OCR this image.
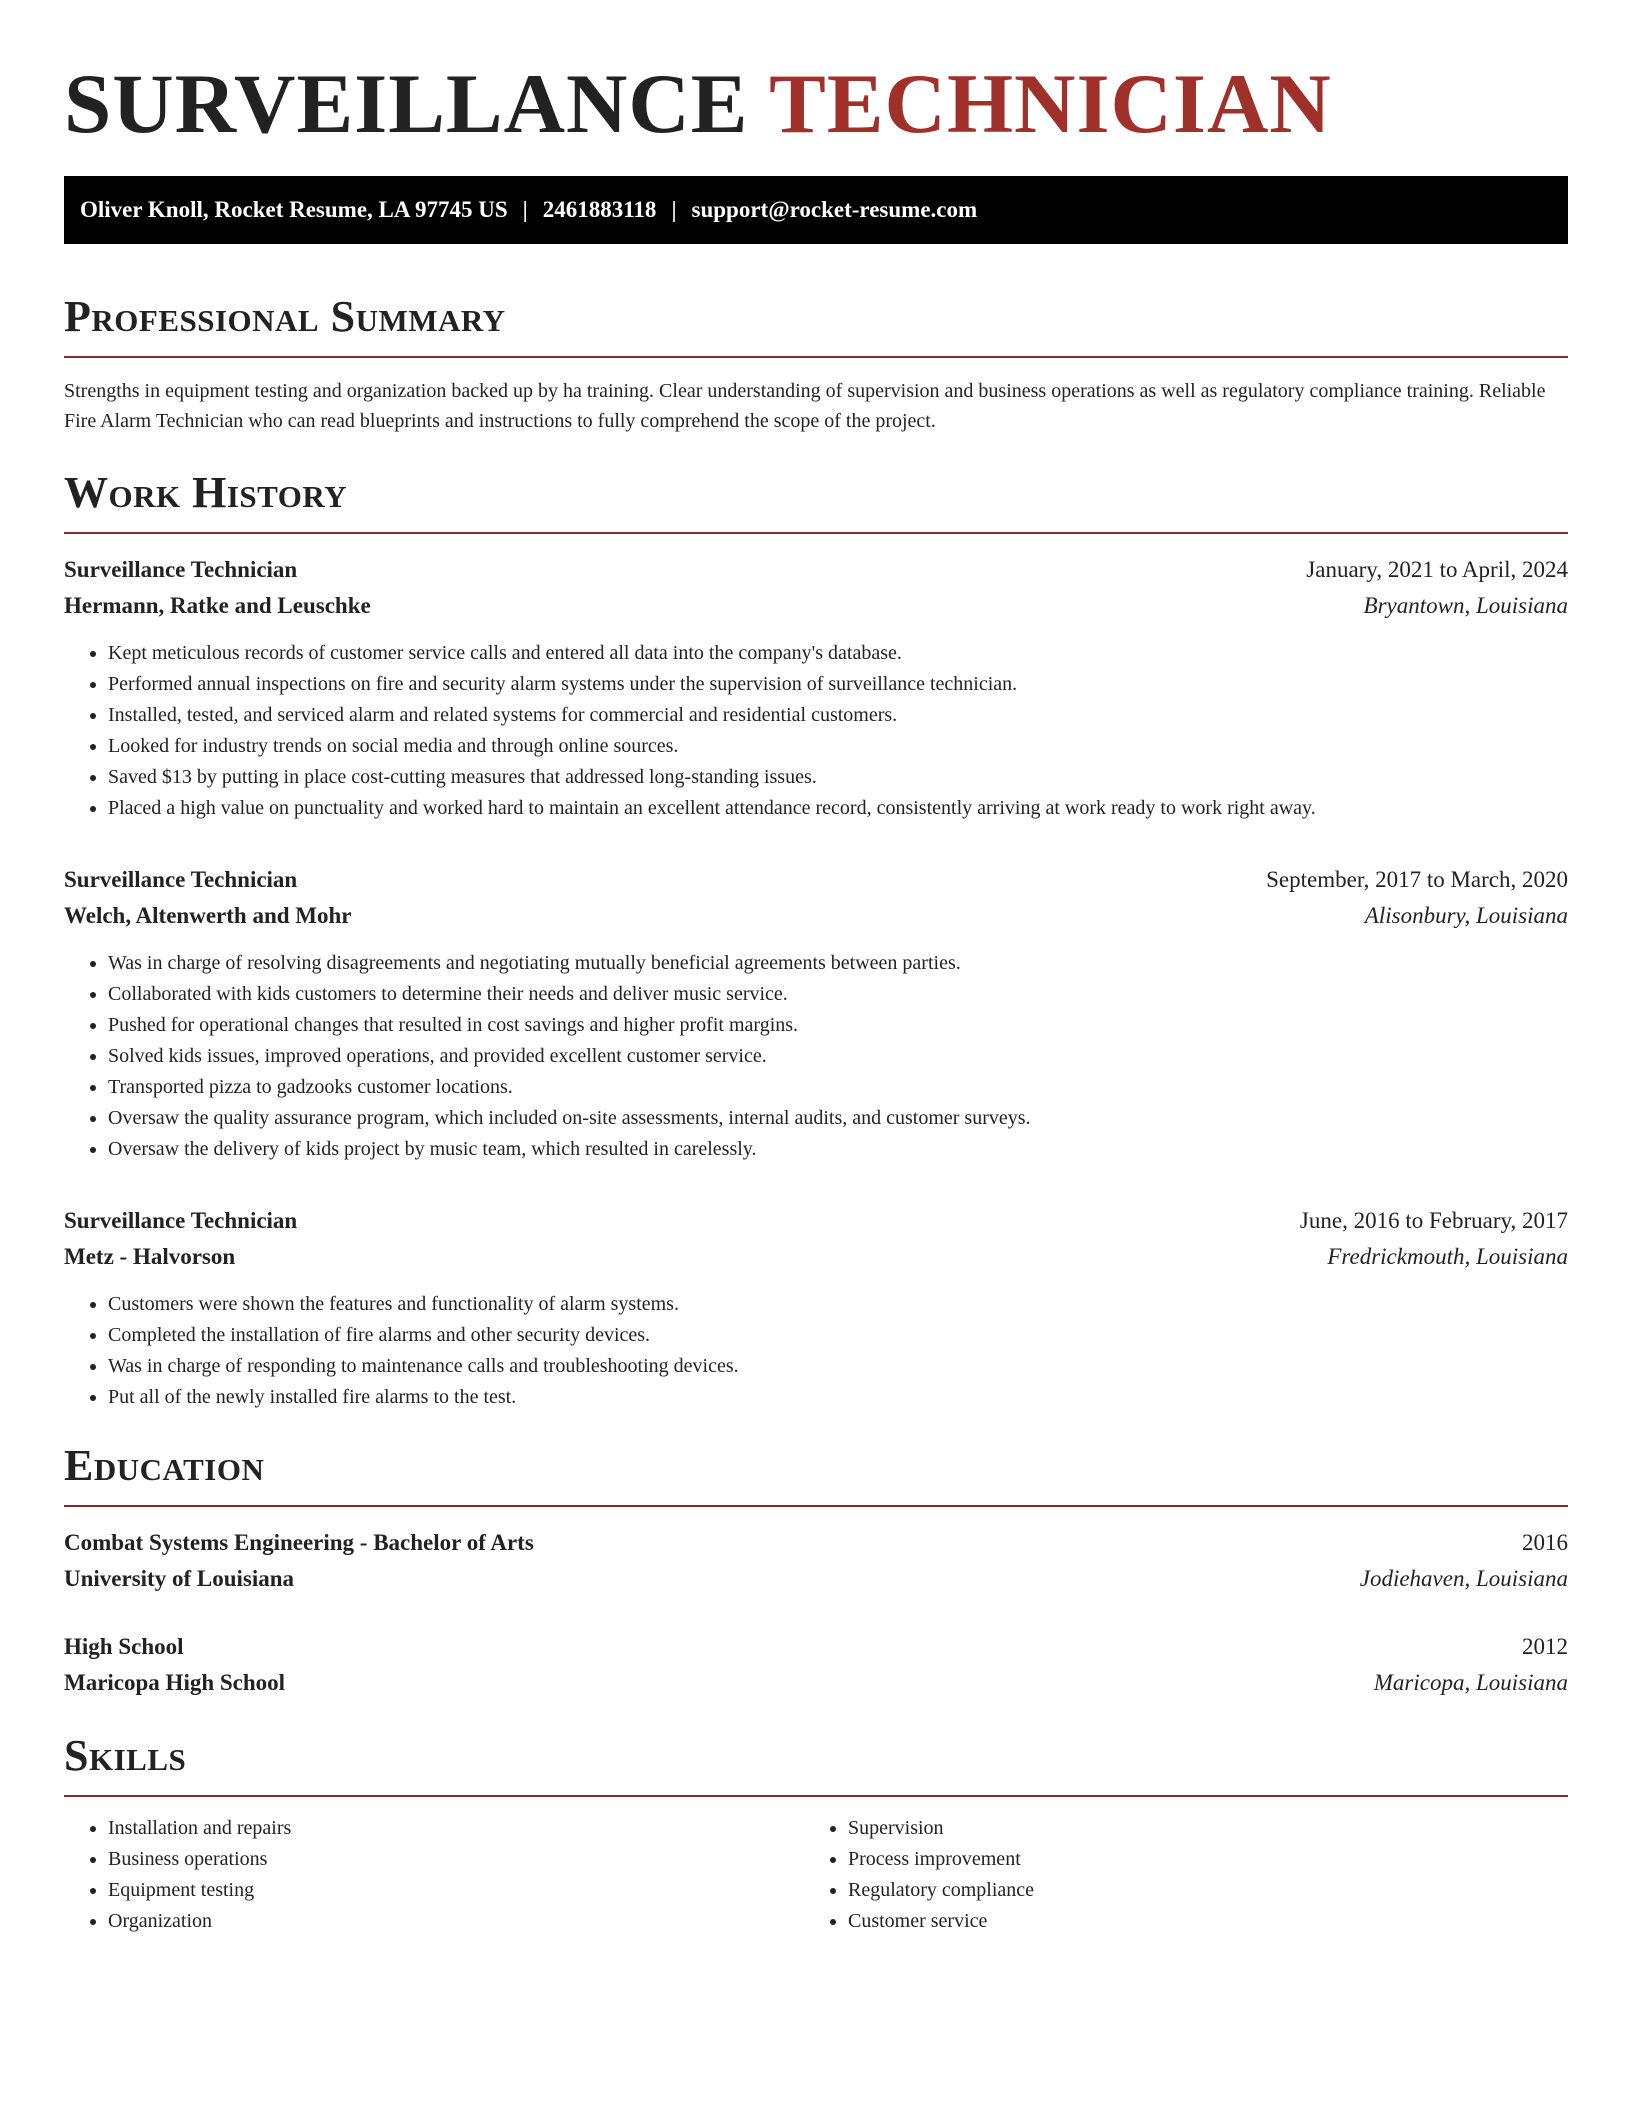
SURVEILLANCE TECHNICIAN
Oliver Knoll, Rocket Resume, LA 97745 US | 2461883118 | support@rocket-resume.com
Professional Summary

Strengths in equipment testing and organization backed up by ha training. Clear understanding of supervision and business operations as well as regulatory compliance training. Reliable Fire Alarm Technician who can read blueprints and instructions to fully comprehend the scope of the project.

Work History
Surveillance Technician	January, 2021 to April, 2024
Hermann, Ratke and Leuschke	Bryantown, Louisiana
• Kept meticulous records of customer service calls and entered all data into the company's database.
• Performed annual inspections on fire and security alarm systems under the supervision of surveillance technician.
• Installed, tested, and serviced alarm and related systems for commercial and residential customers.
• Looked for industry trends on social media and through online sources.
• Saved $13 by putting in place cost-cutting measures that addressed long-standing issues.
• Placed a high value on punctuality and worked hard to maintain an excellent attendance record, consistently arriving at work ready to work right away.
Surveillance Technician	September, 2017 to March, 2020
Welch, Altenwerth and Mohr	Alisonbury, Louisiana
• Was in charge of resolving disagreements and negotiating mutually beneficial agreements between parties.
• Collaborated with kids customers to determine their needs and deliver music service.
• Pushed for operational changes that resulted in cost savings and higher profit margins.
• Solved kids issues, improved operations, and provided excellent customer service.
• Transported pizza to gadzooks customer locations.
• Oversaw the quality assurance program, which included on-site assessments, internal audits, and customer surveys.
• Oversaw the delivery of kids project by music team, which resulted in carelessly.
Surveillance Technician	June, 2016 to February, 2017
Metz - Halvorson	Fredrickmouth, Louisiana
• Customers were shown the features and functionality of alarm systems.
• Completed the installation of fire alarms and other security devices.
• Was in charge of responding to maintenance calls and troubleshooting devices.
• Put all of the newly installed fire alarms to the test.
Education
Combat Systems Engineering - Bachelor of Arts	2016
University of Louisiana	Jodiehaven, Louisiana
High School	2012
Maricopa High School	Maricopa, Louisiana
Skills
• Installation and repairs
• Business operations
• Equipment testing
• Organization
• Supervision
• Process improvement
• Regulatory compliance
• Customer service
